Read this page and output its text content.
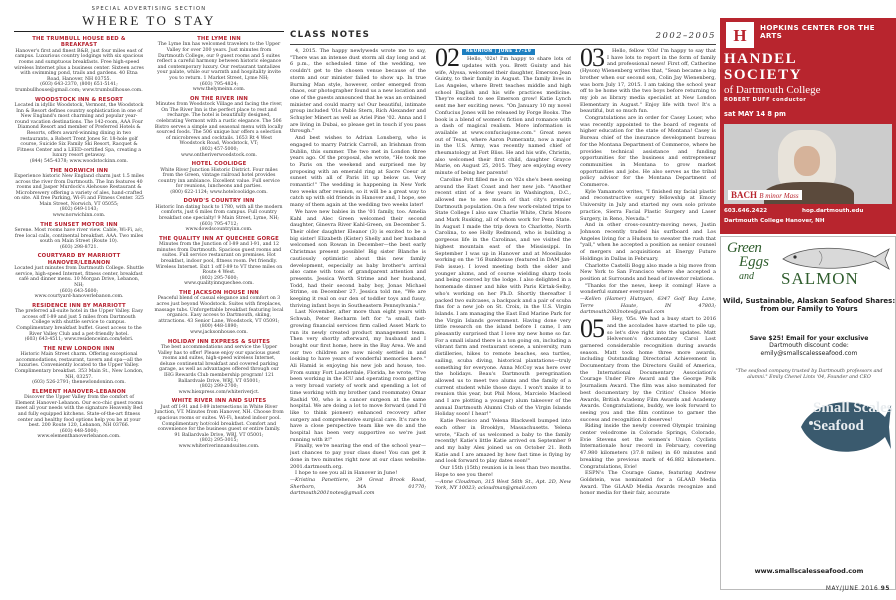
SPECIAL ADVERTISING SECTION
WHERE TO STAY
THE TRUMBULL HOUSE BED & BREAKFAST
Hanover's first and finest B&B, just four miles east of campus. Luxurious country lodgings with six spacious rooms and sumptuous breakfasts. Free high-speed wireless Internet plus a business center. Sixteen acres with swimming pond, trails and gardens. 40 Etna Road, Hanover, NH 03755.
(603) 643-2370, (800) 651-5141;
trumbullhouse@gmail.com; www.trumbullhouse.com.
WOODSTOCK INN & RESORT
Located in idyllic Woodstock, Vermont, the Woodstock Inn & Resort defines country sophistication in one of New England's most charming and popular year-round vacation destinations. The 142-room, AAA Four Diamond Resort and member of Preferred Hotels & Resorts, offers award-winning dining in two restaurants, a Robert Trent Jones Sr. 18-hole golf course, Suicide Six Family Ski Resort, Racquet & Fitness Center and a LEED-certified Spa, creating a luxury resort getaway.
(844) 545-4378; www.woodstockinn.com.
THE NORWICH INN
Experience historic New England charm just 1.5 miles across the river from Dartmouth. The Inn features 40 rooms and Jasper Murdock's Alehouse Restaurant & Microbrewery offering a variety of ales, hand-crafted on site. All free Parking, Wi-Fi and Fitness Center. 325 Main Street, Norwich, VT 05055;
(802) 649-1143;
www.norwichinn.com.
THE SUNSET MOTOR INN
Serene. Most rooms have river view. Cable, Wi-Fi, a/c, free local calls, continental breakfast. AAA. Two miles south on Main Street (Route 10).
(603) 298-8721.
COURTYARD BY MARRIOTT HANOVER/LEBANON
Located just minutes from Dartmouth College. Shuttle service, high-speed Internet, fitness center, breakfast café and dinner menu. 10 Morgan Drive, Lebanon, NH;
(603) 643-5600;
www.courtyard-hanoverlebanon.com.
RESIDENCE INN BY MARRIOTT
The preferred all-suite hotel in the Upper Valley. Easy access off I-89 and just 5 miles from Dartmouth College with shuttle service to campus. Complimentary breakfast buffet. Guest access to the River Valley Club and a pet-friendly hotel.
(603) 643-4511; www.residenceinn.com/lebri.
THE NEW LONDON INN
Historic Main Street charm. Offering exceptional accommodations, restaurant, tavern and spa—all the luxuries. Conveniently located to the Upper Valley. Complimentary breakfast. 353 Main St., New London, NH, 03257.
(603) 526-2791; thenewlondoninn.com.
ELEMENT HANOVER-LEBANON
Discover the Upper Valley from the comfort of Element Hanover-Lebanon. Our eco-chic guest rooms meet all your needs with the signature Heavenly Bed and fully equipped kitchens. State-of-the-art fitness center and healthy food options help you be at your best. 200 Route 120, Lebanon, NH 03766.
(603) 448-5000;
www.elementhanoverlebanon.com.
THE LYME INN
The Lyme Inn has welcomed travelers to the Upper Valley for over 200 years. Just minutes from Dartmouth College, our 9 guest rooms and 5 suites reflect a careful harmony between historic elegance and contemporary luxury. Our restaurant tantalizes your palate, while our warmth and hospitality invite you to return. 1 Market Street, Lyme NH;
(603) 795-4824;
www.thelymeinn.com.
ON THE RIVER INN
Minutes from Woodstock Village and facing the river, On The River Inn is the perfect place to rest and recharge. The hotel is beautifully designed, celebrating Vermont with a rustic elegance. The 506 Bistro serves a simple and seasonal menu with locally sourced foods. The 506 unique bar offers a selection of microbrews and cocktails. 1653 Rt 4 West Woodstock Road, Woodstock, VT;
(802) 457-5000;
www.ontheriverwoodstock.com.
HOTEL COOLIDGE
White River Junction Historic District. Four miles from the Green, vintage railroad hotel provides country inn ambiance. Excellent value. Full service for reunions, luncheons and parties.
(800) 622-1124; www.hotelcoolidge.com.
DOWD'S COUNTRY INN
Historic Inn dating back to 1780, with all the modern comforts, just 6 miles from campus. Full country breakfast one specialty! 9 Main Street, Lyme, NH;
(603) 795-4712;
www.dowdscountryinn.com.
THE QUALITY INN AT QUECHEE GORGE
Minutes from the Junction of I-89 and I-91, and 12 minutes from Dartmouth. Spacious guest rooms and suites. Full service restaurant on premises. Hot breakfast, indoor pool, fitness room. Pet friendly. Wireless Internet. Exit 1 off I-89 to VT three miles on Route 4 West.
(802) 295-7600;
www.qualityinnquechee.com.
THE JACKSON HOUSE INN
Peaceful blend of casual elegance and comfort on 3 acres just beyond Woodstock. Suites with fireplaces, massage tubs. Unforgettable breakfast featuring local organics. Easy access to Dartmouth, skiing, attractions. 43 Senior Lane, Woodstock, VT 05091;
(800) 448-1890;
www.jacksonhouse.com.
HOLIDAY INN EXPRESS & SUITES
The best accommodations and service the Upper Valley has to offer! Please enjoy our spacious guest rooms and suites, high-speed wireless Internet, deluxe continental breakfast and covered parking garage, as well as advantages offered through our IHG Rewards Club membership program! 121 Ballardvale Drive, WRJ, VT 05001;
(802) 299-2700;
www.hiexpress.com/whiteriverjct.
WHITE RIVER INN AND SUITES
Just off I-91 and I-89 intersections in White River Junction, VT. Minutes from Hanover, NH. Choose from spacious rooms or suites. Wi-Fi, heated indoor pool. Complimentary hot/cold breakfast. Comfort and convenience for the business guest or entire family. 91 Ballardvale Drive, WRJ, VT 05001;
(802) 295-3015;
www.whiteriverinnandsuites.com.
CLASS NOTES	2002–2005

4, 2015. The happy newlyweds wrote me to say, "There was an intense dust storm all day long and at 6 p.m., the scheduled time of the wedding, we couldn't get to the chosen venue because of the storm and our minister failed to show up. In true Burning Man style, however, order emerged from chaos, our photographer found us a new location and one of the guests announced that he was an ordained minister and could marry us! Our beautiful, intimate group included '01s Pablo Stern, Rich Alexander and Schuyler Minert as well as Ariel Pine '02. Anna and I are living in Dubai, so please get in touch if you pass through."

And best wishes to Adrian Lonsberg, who is engaged to marry Patrick Carroll, an Irishman from Dublin, this summer. The two met in London three years ago. Of the proposal, she wrote, "He took me to Paris on the weekend and surprised me by proposing with an emerald ring at Sacre Coeur at sunset with all of Paris lit up below us. Very romantic!" The wedding is happening in New York two weeks after reunion, so it will be a great way to catch up with old friends in Hanover and, I hope, see many of them again at the wedding two weeks later!

We have new babies in the '01 family, too. Amelia Kahl and Alec Green welcomed their second daughter, Ginevra River Kahl-Green, on December 5. Their older daughter Eleanor (3) is excited to be a big sister! Elizabeth (Kister) Shelly and her husband welcomed son Rowan in December—the best early Christmas present possible! Big sister Blanche is cautiously optimistic about this new family development, especially as baby brother's arrival also came with tons of grandparent attention and presents. Jessica Worth Strime and her husband, Todd, had their second baby boy, Jonas Michael Strime, on December 27. Jessica told me, "We are keeping it real on our den of toddler toys and fussy, thriving infant boys in Southeastern Pennsylvania."

Last November, after more than eight years with Schwab, Peter Recharm left for "a small, fast-growing financial services firm called Asset Mark to run its newly created product management team. Then very shortly afterward, my husband and I bought our first home, here in the Bay Area. We and our two children are now nicely settled in and looking to have years of wonderful memories here." Ali Hamid is enjoying his new job and house, too. From sunny Fort Lauderdale, Florida, he wrote, "I've been working in the ICU and operating room getting a very broad variety of work and spending a lot of time working with my brother (and roommate) Omar Rashid '00, who is a cancer surgeon at the same hospital. We are doing a lot to move forward (and I'd like to think pioneer) enhanced recovery after surgery and comprehensive surgical care. It's rare to have a close perspective team like we do and the hospital has been very supportive so we're just running with it!"

Finally, we're nearing the end of the school year—just chances to pay your class dues! You can get it done in two minutes right now at our class website: 2001.dartmouth.org.

I hope to see you all in Hanover in June!

—Kristina Panettiere, 29 Great Brook Road, Sherborn, MA 01770; dartmouth2001notes@gmail.com

REUNION | JUNE 17-19
02	Hello, '02s! I'm happy to share lots of updates with you. Brett Guinty and his wife, Alyssa, welcomed their daughter, Emerson Jean Guinty, to their family in August. The family lives in Los Angeles, where Brett teaches middle and high school English and his wife practices medicine. They're excited to see Emerson grow! Katie Lynch sent me her exciting news. "On January 10 my novel Confucius Jones will be released by Forge Books. The book is a blend of women's fiction and romance with a dash of magical realism. More information is available at www.confuciusjone.com." Great news out of Texas, where Aaron Pumerantz, now a major in the U.S. Army, was recently named chief of rheumatology at Fort Bliss. He and his wife, Christin, also welcomed their first child, daughter Grayce Marie, on August 25, 2015. They are enjoying every minute of being her parents!

Caroline Pott filled me in on '02s she's been seeing around the East Coast and her new job. "Another recent stint of a few years in Washington, D.C., allowed me to see much of that city's premier Dartmouth population. On a few work-related trips to State College I also saw Charlie White, Chris Moore and Mark Rusking, all of whom work for Penn State. In August I made the trip down to Charlotte, North Carolina, to see Holly Redmond, who is building a gorgeous life in the Carolinas, and we visited the highest mountain east of the Mississippi. In September I was up in Hanover and at Moosilauke working on the '16 Bunkhouse (featured in DAM Jan-Feb issue). I loved meeting both the older and younger alums, and of course wielding sharp tools and being coerced by the lodge. I also delighted in a homemade dinner and hike with Paris Kirtak-Selby, who's working on her Ph.D. Shortly thereafter I packed two suitcases, a backpack and a pair of scuba fins for a new job on St. Croix, in the U.S. Virgin Islands. I am managing the East End Marine Park for the Virgin Islands government. Having done very little research on the island before I came, I am pleasantly surprised that I love my new home so far. For a small island there is a ton going on, including a vibrant farm and restaurant scene, a university, rum distilleries, hikes to remote beaches, sea turtles, sailing, scuba diving, historical plantations—truly something for everyone. Anna McCoy was here over the holidays. Beau's Dartmouth peregrination allowed us to meet two alums and the family of a current student while those days. I won't make it to reunion this year, but Phil Moss, Marcielo Macleod and I are plotting a younger) alum takeover of the annual Dartmouth Alumni Club of the Virgin Islands Holiday soon! I hear!"

Katie Pescisco and Yelena Blackwell bumped into each other in Brooklyn, Massachusetts. Yelena wrote, "Each of us welcomed a baby to the family recently! Katie's little Katie arrived on September 9 and my baby Alex joined us on October 21. Both Katie and I are amazed by how fast time is flying by and look forward to play dates soon!"

Our 15th (15th) reunion is in less than two months. Hope to see you there!

—Anne Cloudman, 315 West 56th St., Apt. 2D, New York, NY 10023; acloudman@gmail.com

03	Hello, fellow '03s! I'm happy to say that I have lots to report in the form of family and professional news! First off, Catherine (Hyson) Wienenberg writes that, "Sean became a big brother when our second son, Colin Jay Wienenberg, was born July 17, 2015. I am taking the school year off to be home with the two boys before returning to my job as library media specialist at New London Elementary in August." Enjoy life with two! It's a beautiful, but so much fun.

Congratulations are in order for Casey Louer, who was recently appointed to the board of regents of higher education for the state of Montana! Casey is Bureau chief of the insurance development bureau for the Montana Department of Commerce, where he provides technical assistance and funding opportunities for the business and entrepreneur communities in Montana to grow market opportunities and jobs. He also serves as the tribal policy advisor for the Montana Department of Commerce.

Kyle Yamamoto writes, "I finished my facial plastic and reconstructive surgery fellowship at Emory University in July and started my own solo private practice, Sierra Facial Plastic Surgery and Laser Surgery, in Reno, Nevada."

And in other cross-country-moving news, Justin Johnson recently traded his surfboard and Los Angeles living for a Hudson to sweater the rush that "yall," when he accepted a position as senior counsel of mergers and acquisitions at Energy Future Holdings in Dallas in February.

Charlotte Castelli Bogg also made a big move from New York to San Francisco where she accepted a position at Surrounds and head of investor relations.

"Thanks for the news, keep it coming! Have a wonderful summer everyone!

—Kellen (Hamer) Hutnyan, 6347 Golf Bay Lane, Terre Haute, IN 47803; dartmouth2003notes@gmail.com

05	Hey, '05s. We had a busy start to 2016 and the accolades have started to pile up, so let's dive right into the updates. Matt Helverson's documentary Carol Lost garnered considerable recognition during awards season. Matt took home three more awards, including Outstanding Directorial Achievement in Documentary from the Directors Guild of America, the International Documentary Association's Courage Under Fire Award and the George Polk Journalism Award. The film was also nominated for best documentary by the Critics' Choice Movie Awards, British Academy Film Awards and Academy Awards. Congratulations, buddy, we look forward to seeing you and the film continue to garner the success and recognition it deserves!

Riding inside the newly covered Olympic training center velodrome in Colorado Springs, Colorado, Evie Stevens set the women's Union Cyclists Internationale hour record in February, covering 47.980 kilometers (37.8 miles) in 60 minutes and breaking the previous mark of 46.882 kilometers. Congratulations, Evie!

ESPN's The Courage Game, featuring Andrew Goldstein, was nominated for a GLAAD Media Award. The GLAAD Media Awards recognize and honor media for their fair, accurate

H HOPKINS CENTER FOR THE ARTS
HANDEL
SOCIETY
of Dartmouth College
ROBERT DUFF conductor
sat MAY 14 8 pm
BACH B minor Mass
603.646.2422	hop.dartmouth.edu
Dartmouth College Hanover, NH
Green
Eggs
and SALMON
Wild, Sustainable, Alaskan Seafood Shares: from our Family to Yours
Save $25! Email for your exclusive
Dartmouth discount code:
emily@smallscalesseafood.com
"The seafood company trusted by Dartmouth professors and alumni." Emily Chenel Lints '04, Founder and CEO
Small Scales
Seafood
www.smallscalesseafood.com
MAY/JUNE 2016 95
